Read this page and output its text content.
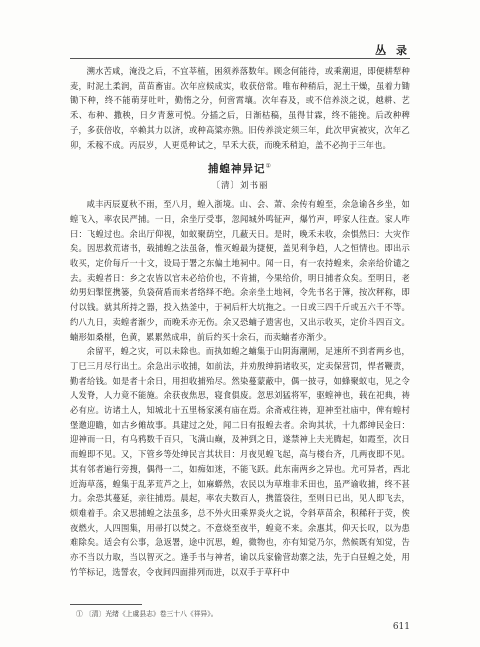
丛 录

溯水苦咸，淹没之后，不宜莘植，困须养落数年。顾念何能待，或乘潮退，即便耕犁种麦，时泥土柔润，苗苗畜宙。次年应候成实，收获倍常。唯布种稍后，泥土干燥，虽着力锄锄下种，终不能萌芽吐叶，勤惰之分，何啻霄壤。次年春及，或不信养淡之说，越耕、艺禾、布种、撒秧，日夕青葱可悦。分插之后，日渐枯稿，虽得甘霖，终不能挽。后改种稗子，多获倍收，卒赖其力以济，或种高粱亦熟。旧传养淡定须三年，此次甲寅被灾，次年乙卯，禾稼不成。丙辰岁，人更觅种试之，早禾大获，而晚禾稍迫，盖不必拘于三年也。

捕蝗神异记①
〔清〕刘书丽

咸丰丙辰夏秋不雨，至八月，蝗入浙境。山、会、萧、余传有蝗至，余急谕各乡坐，如蝗飞入，率农民严捕。一日，余坐厅受事，忽闻城外鸣钲声，爆竹声，呼家人往查。家人咋曰：飞蝗过也。余出厅仰视，如蚁聚荫空，几蔽天日。是时，晚禾未收，余惧然曰：大灾作矣。因思救荒诸书，载捕蝗之法虽备，惟灭蝗最为捷便，盖见利争趋，人之恒情也。即出示收买，定价每斤一十文，设局于署之东偏土地祠中。闻一日，有一农持蝗来，余亲给价谴之去。卖蝗者日：乡之农皆以官未必给价也，不肯捕，今果给价，明日捕者众矣。至明日，老幼男妇掣筐携篓，负袋荷盾而来者络绎不绝。余亲坐土地祠，令先书名于簿，按次秤称，即付以钱。就其所持之器，投入热釜中，于祠后杆大坑拖之。一日或三四千斤或五六千不等。约八九日，卖蝗者渐少，而晚禾亦无伤。余又恐蝻子遗害也，又出示收买，定价斗四百文。蝻形如桑椹，色黄，累累然成串，前后约买十余石，而卖蝻者亦渐少。

余留平，蝗之灾，可以未除也。而执如蝗之蝻集于山阴海潮闸，足速所不到者两乡也，丁巳三月尽行出土。余急出示收捕，如前法，并劝殷绅捐诸收买，定卖保营罚，悍者鞭责，勤者给钱。如是者十余日，用担收捕殆尽。然染蔓蒙蔽中，偶一披寻，如蜂聚蚁屯，见之令人发脊，人力竟不能施。余获夜焦思，寝食俱废。忽思刘猛将军，驱蝗神也，载在祀典，祷必有应。访诸土人，知城北十五里杨家溪有庙在焉。余斋戒往祷，迎神至社庙中，俾有蝗村堡邀迎瞻，如古乡傩故事。具建过之处，闻二日有报蝗去者。余询其状，十九都绅民金曰：迎神而一日，有乌鸦数千百只，飞满山巅，及神到之日，遂禁神上夫光腾起，如霞至，次日而蝗即不见。又，下管乡等处绅民言其状目：月夜见蝗飞起，高与楼台齐，几两夜即不见。其有邻者遍行旁搜，偶得一二，如痴如迷，不能飞跃。此东南两乡之异也。尤可异者，西北近海草荡，蝗集于乱茅荒芦之上，如麻蟒然，农民以为草堆非禾田也，虽严谕收捕，终不甚力。余恐其蔓延，亲往捕焉。晨起，率农夫数百人，携篮袋往，至则日已出，见人即飞去，烦难着手。余又思捕蝗之法虽多，总不外火田乘界炎火之说，令斜草苗余，积稀秆于荧，俟夜燃火，人四围集，用帚打以焚之。不意烧至夜半，蝗竟不来。余惠其，仰天长叹，以为患难除矣。适会有公事，急返署，途中沉思，蝗，微物也，亦有知觉乃尔，然候既有知觉，告亦不当以力取，当以智灭之。逢手书与神者，谕以兵家偷营劫寨之法，先于白昼蝗之处，用竹竿标记，选誓农，令夜间四面排列而进，以双手于草秆中

① 〔清〕光绪《上虞县志》卷三十八《祥异》。
611
